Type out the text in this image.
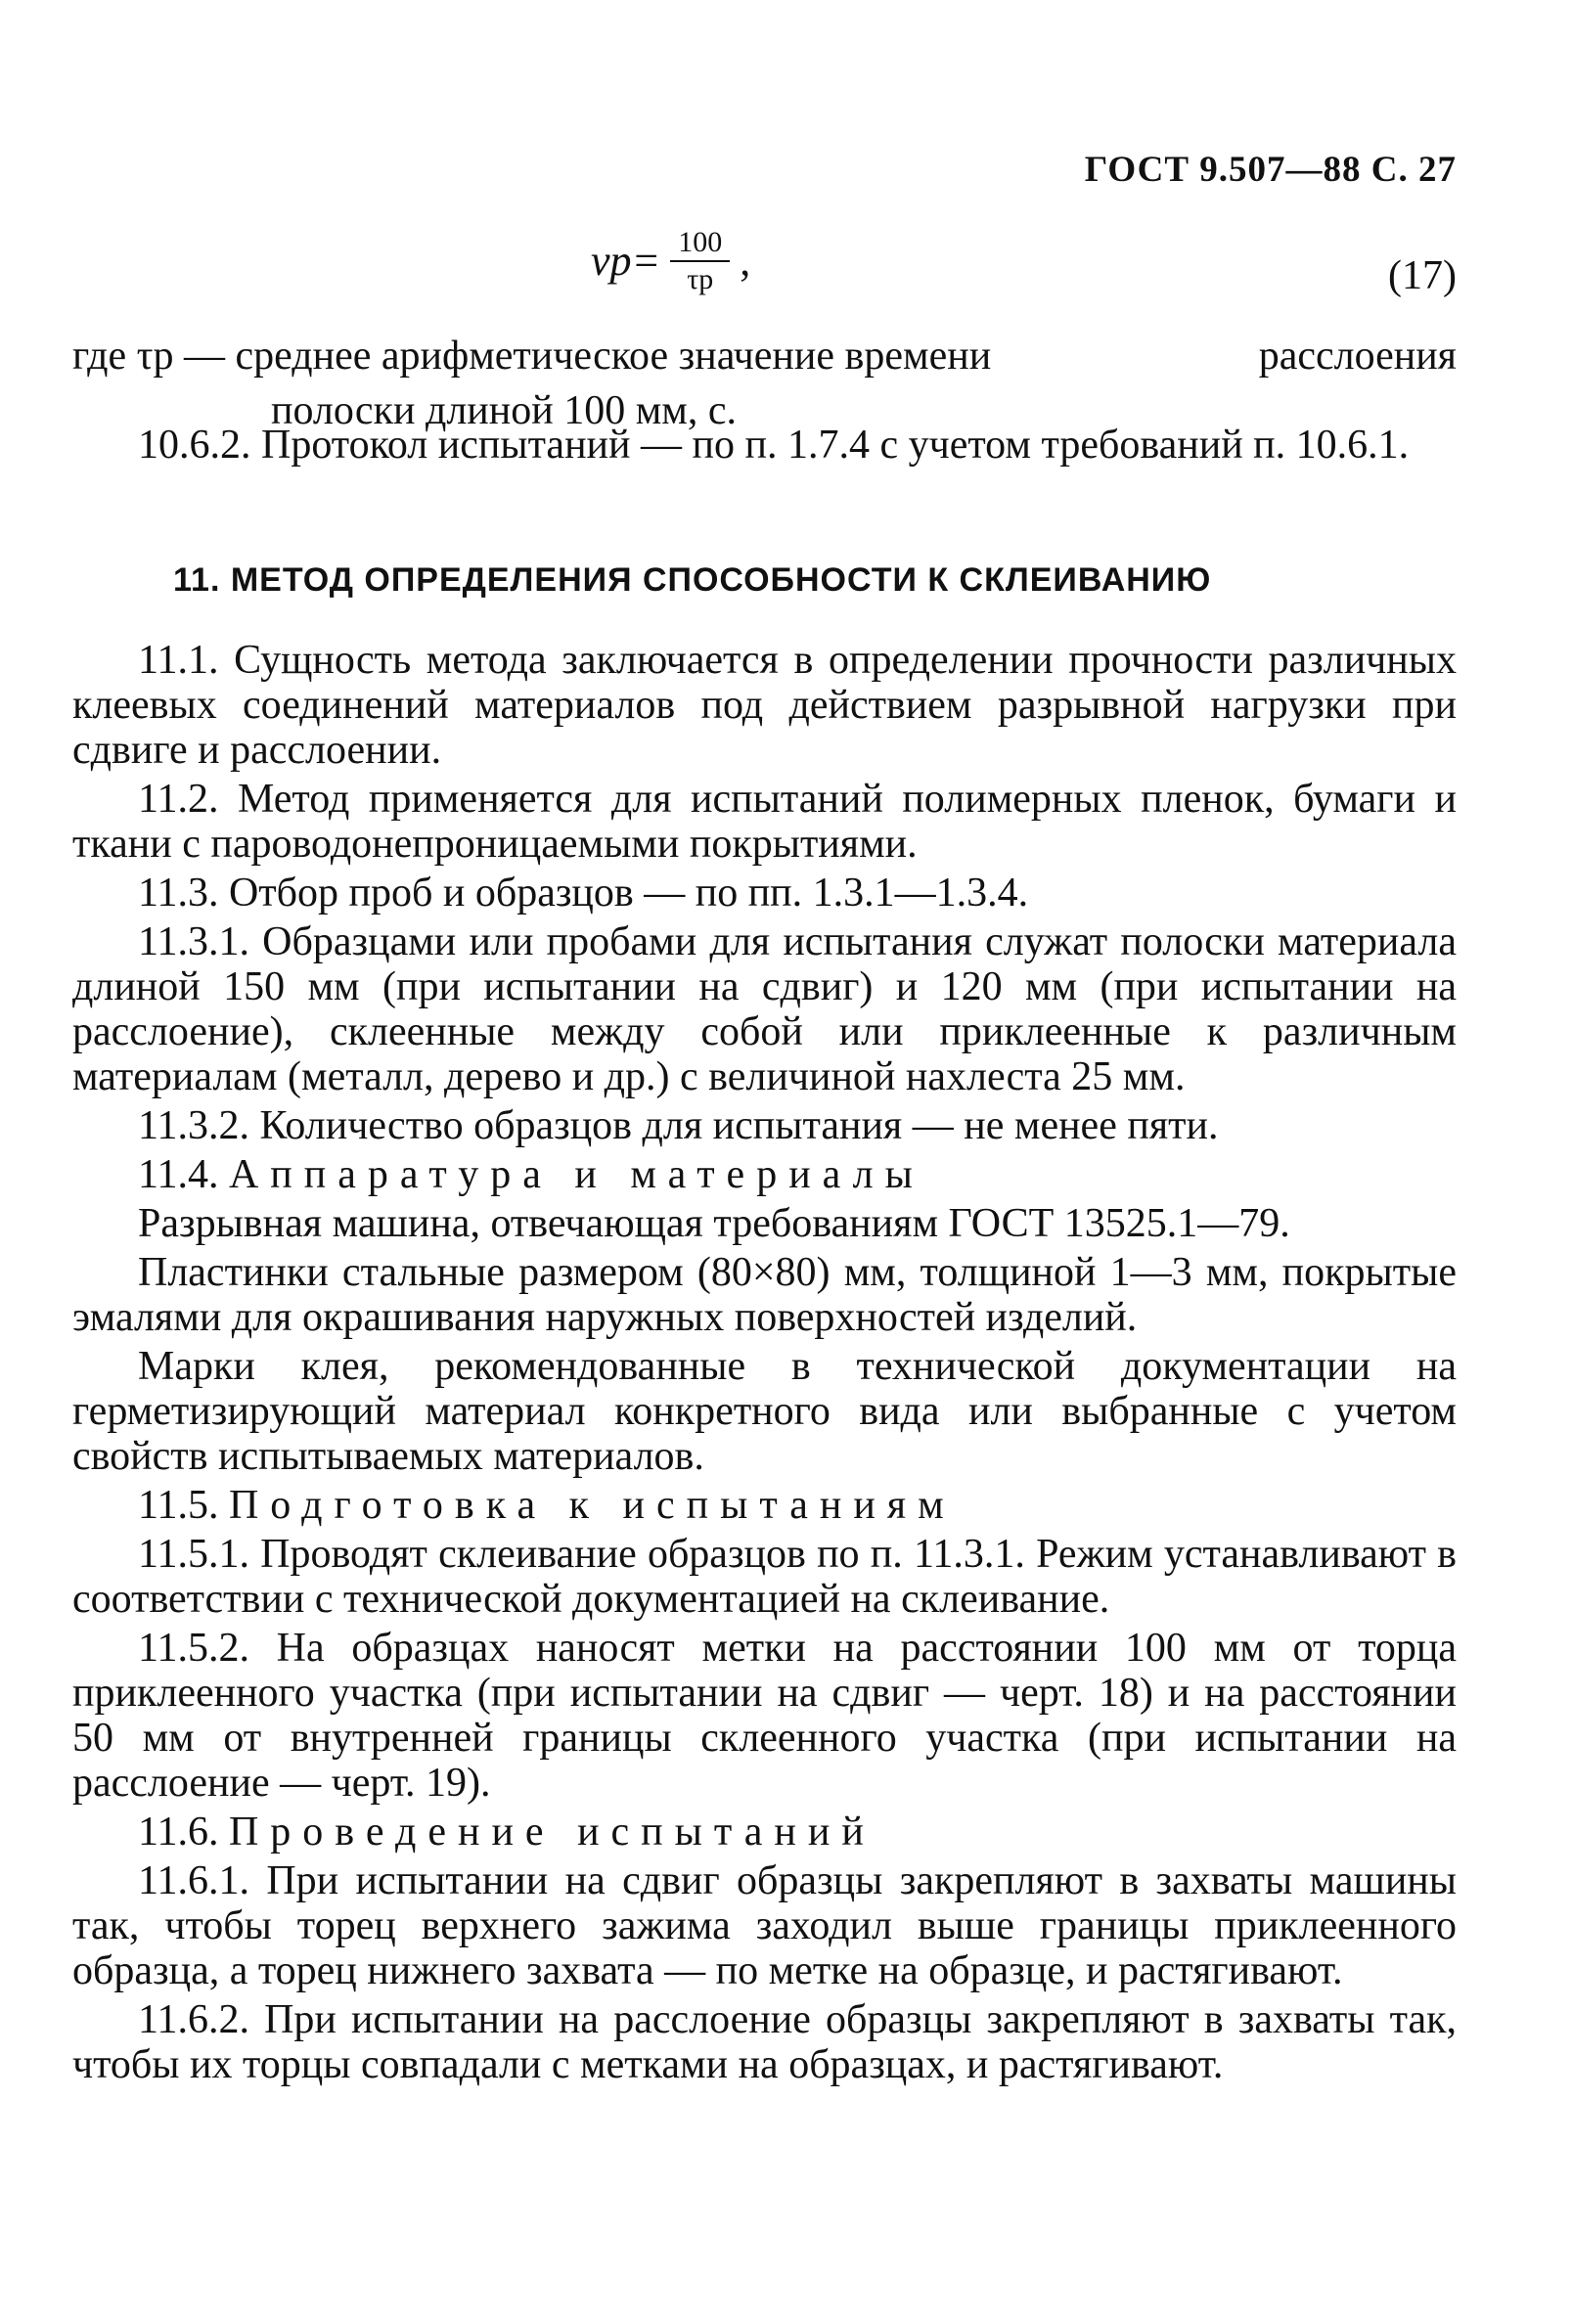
ГОСТ 9.507—88 С. 27
$vp= \frac{100}{\tau p}$ ,	(17)
где τp — среднее арифметическое значение времени	расслоения
полоски длиной 100 мм, с.

10.6.2. Протокол испытаний — по п. 1.7.4 с учетом требований п. 10.6.1.

11. МЕТОД ОПРЕДЕЛЕНИЯ СПОСОБНОСТИ К СКЛЕИВАНИЮ

11.1. Сущность метода заключается в определении прочности различных клеевых соединений материалов под действием разрывной нагрузки при сдвиге и расслоении.

11.2. Метод применяется для испытаний полимерных пленок, бумаги и ткани с пароводонепроницаемыми покрытиями.

11.3. Отбор проб и образцов — по пп. 1.3.1—1.3.4.

11.3.1. Образцами или пробами для испытания служат полоски материала длиной 150 мм (при испытании на сдвиг) и 120 мм (при испытании на расслоение), склеенные между собой или приклеенные к различным материалам (металл, дерево и др.) с величиной нахлеста 25 мм.

11.3.2. Количество образцов для испытания — не менее пяти.

11.4. Аппаратура и материалы

Разрывная машина, отвечающая требованиям ГОСТ 13525.1—79.

Пластинки стальные размером (80×80) мм, толщиной 1—3 мм, покрытые эмалями для окрашивания наружных поверхностей изделий.

Марки клея, рекомендованные в технической документации на герметизирующий материал конкретного вида или выбранные с учетом свойств испытываемых материалов.

11.5. Подготовка к испытаниям

11.5.1. Проводят склеивание образцов по п. 11.3.1. Режим устанавливают в соответствии с технической документацией на склеивание.

11.5.2. На образцах наносят метки на расстоянии 100 мм от торца приклеенного участка (при испытании на сдвиг — черт. 18) и на расстоянии 50 мм от внутренней границы склеенного участка (при испытании на расслоение — черт. 19).

11.6. Проведение испытаний

11.6.1. При испытании на сдвиг образцы закрепляют в захваты машины так, чтобы торец верхнего зажима заходил выше границы приклеенного образца, а торец нижнего захвата — по метке на образце, и растягивают.

11.6.2. При испытании на расслоение образцы закрепляют в захваты так, чтобы их торцы совпадали с метками на образцах, и растягивают.
